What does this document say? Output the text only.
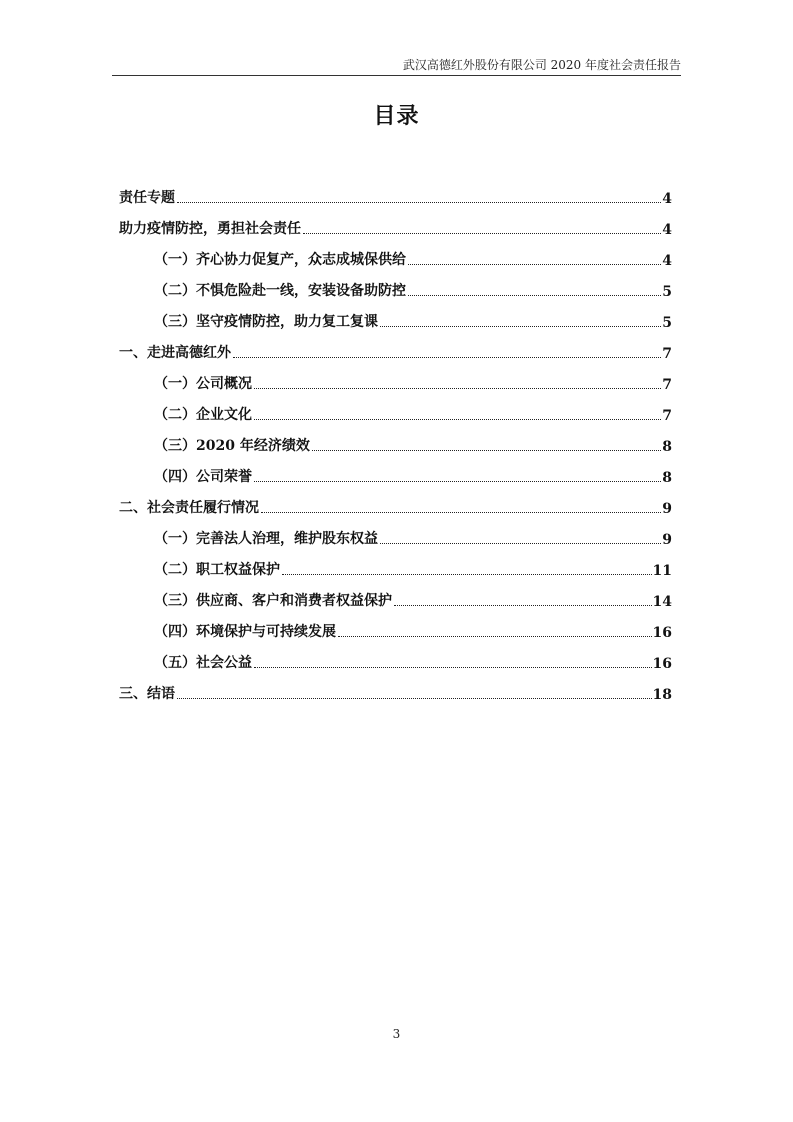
武汉高德红外股份有限公司 2020 年度社会责任报告
目录
责任专题	4
助力疫情防控，勇担社会责任	4
（一）齐心协力促复产，众志成城保供给	4
（二）不惧危险赴一线，安装设备助防控	5
（三）坚守疫情防控，助力复工复课	5
一、走进高德红外	7
（一）公司概况	7
（二）企业文化	7
（三）2020 年经济绩效	8
（四）公司荣誉	8
二、社会责任履行情况	9
（一）完善法人治理，维护股东权益	9
（二）职工权益保护	11
（三）供应商、客户和消费者权益保护	14
（四）环境保护与可持续发展	16
（五）社会公益	16
三、结语	18
3
